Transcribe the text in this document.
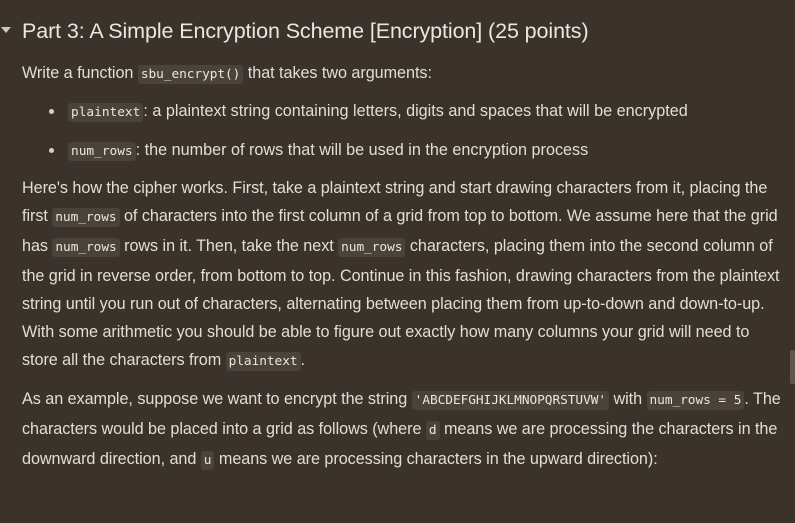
Part 3: A Simple Encryption Scheme [Encryption] (25 points)

Write a function sbu_encrypt() that takes two arguments:

plaintext : a plaintext string containing letters, digits and spaces that will be encrypted
num_rows : the number of rows that will be used in the encryption process

Here's how the cipher works. First, take a plaintext string and start drawing characters from it, placing the first num_rows of characters into the first column of a grid from top to bottom. We assume here that the grid has num_rows rows in it. Then, take the next num_rows characters, placing them into the second column of the grid in reverse order, from bottom to top. Continue in this fashion, drawing characters from the plaintext string until you run out of characters, alternating between placing them from up-to-down and down-to-up. With some arithmetic you should be able to figure out exactly how many columns your grid will need to store all the characters from plaintext .

As an example, suppose we want to encrypt the string 'ABCDEFGHIJKLMNOPQRSTUVW' with num_rows = 5 . The characters would be placed into a grid as follows (where d means we are processing the characters in the downward direction, and u means we are processing characters in the upward direction):
